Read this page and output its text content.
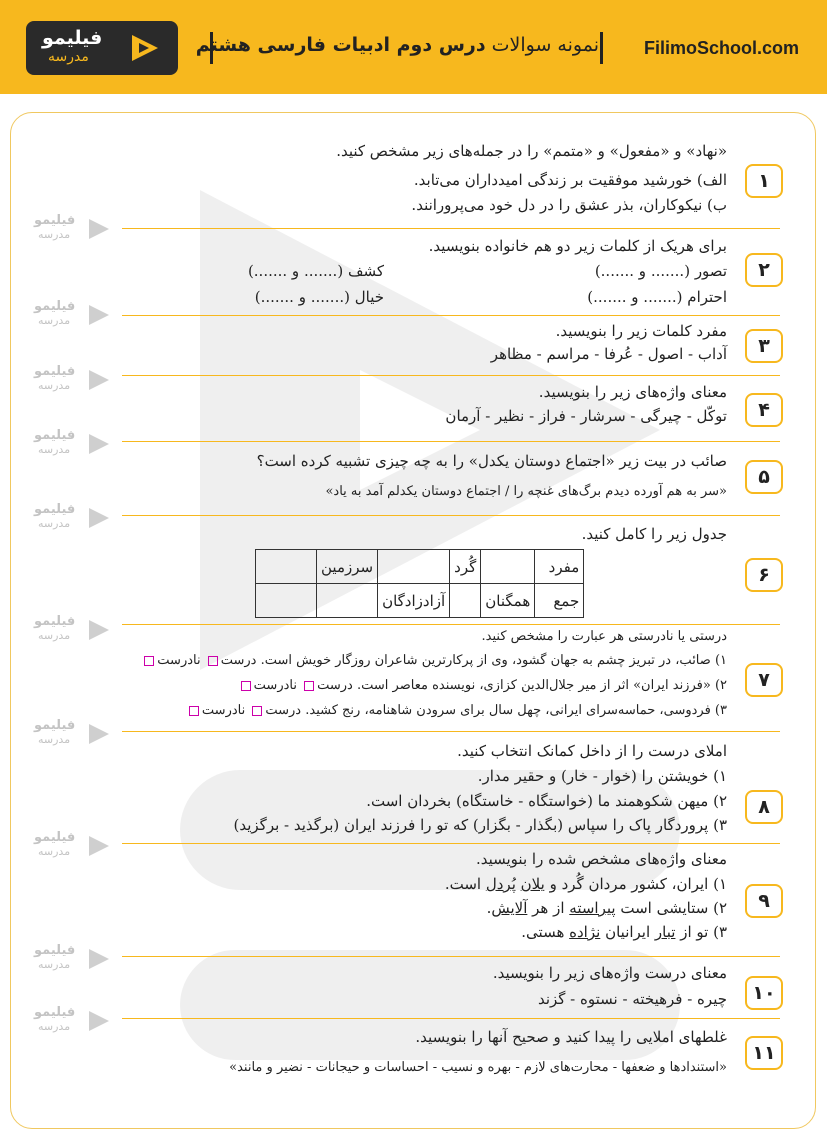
فیلیمو
مدرسه
نمونه سوالات درس دوم ادبیات فارسی هشتم	FilimoSchool.com
فیلیمو
مدرسه
فیلیمو
مدرسه
فیلیمو
مدرسه
فیلیمو
مدرسه
فیلیمو
مدرسه
فیلیمو
مدرسه
فیلیمو
مدرسه
فیلیمو
مدرسه
فیلیمو
مدرسه
فیلیمو
مدرسه
۱
«نهاد» و «مفعول» و «متمم» را در جمله‌های زیر مشخص کنید.
الف) خورشید موفقیت بر زندگی امیدداران می‌تابد.
ب) نیکوکاران، بذر عشق را در دل خود می‌پرورانند.
۲
برای هریک از کلمات زیر دو هم خانواده بنویسید.
تصور (....... و .......)
کشف (....... و .......)
احترام (....... و .......)
خیال (....... و .......)
۳
مفرد کلمات زیر را بنویسید.
آداب - اصول - عُرفا - مراسم - مظاهر
۴
معنای واژه‌های زیر را بنویسید.
توکّل - چیرگی - سرشار - فراز - نظیر - آرمان
۵
صائب در بیت زیر «اجتماع دوستان یکدل» را به چه چیزی تشبیه کرده است؟
«سر به هم آورده دیدم برگ‌های غنچه را / اجتماع دوستان یکدلم آمد به یاد»
۶
جدول زیر را کامل کنید.
مفرد		گُرد		سرزمین	
جمع	همگنان		آزادزادگان		
۷
درستی یا نادرستی هر عبارت را مشخص کنید.
۱) صائب، در تبریز چشم به جهان گشود، وی از پرکارترین شاعران روزگار خویش است. درست نادرست
۲) «فرزند ایران» اثر از میر جلال‌الدین کزازی، نویسنده معاصر است. درست نادرست
۳) فردوسی، حماسه‌سرای ایرانی، چهل سال برای سرودن شاهنامه، رنج کشید. درست نادرست
۸
املای درست را از داخل کمانک انتخاب کنید.
۱) خویشتن را (خوار - خار) و حقیر مدار.
۲) میهن شکوهمند ما (خواستگاه - خاستگاه) بخردان است.
۳) پروردگار پاک را سپاس (بگذار - بگزار) که تو را فرزند ایران (برگذید - برگزید)
۹
معنای واژه‌های مشخص شده را بنویسید.
۱) ایران، کشور مردان گُرد و یلان پُردل است.
۲) ستایشی است پیراسته از هر آلایش.
۳) تو از تبار ایرانیان نژاده هستی.
۱۰
معنای درست واژه‌های زیر را بنویسید.
چیره - فرهیخته - نستوه - گزند
۱۱
غلطهای املایی را پیدا کنید و صحیح آنها را بنویسید.
«استندادها و ضعفها - محارت‌های لازم - بهره و نسیب - احساسات و حیجانات - نضیر و مانند»
